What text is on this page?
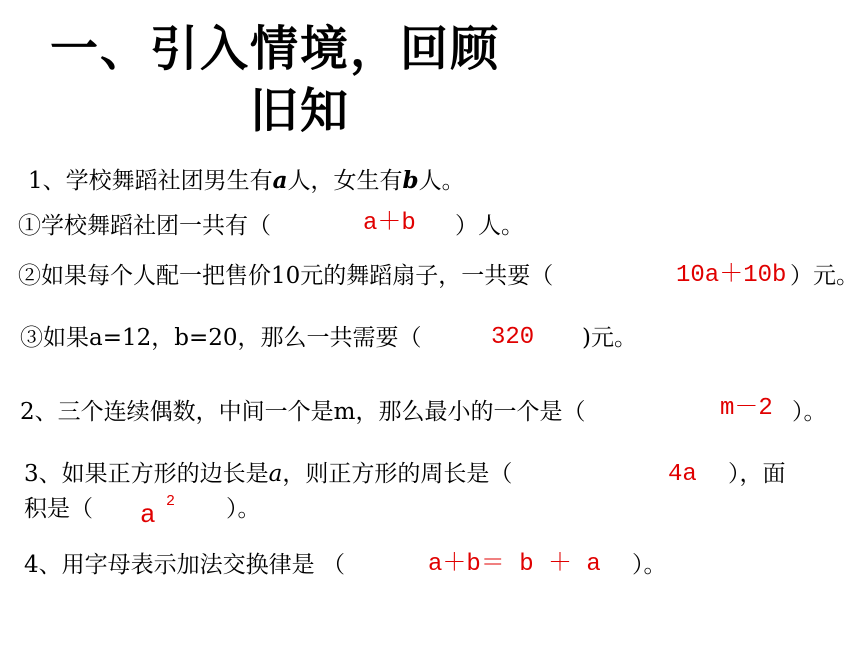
一、引入情境，回顾
旧知
1、学校舞蹈社团男生有a人，女生有b人。
①学校舞蹈社团一共有（	a＋b ）人。
②如果每个人配一把售价10元的舞蹈扇子，一共要（	10a＋10b ）元。
③如果a=12，b=20，那么一共需要（	320 )元。
2、三个连续偶数，中间一个是m，那么最小的一个是（	m－2 ）。
3、如果正方形的边长是a，则正方形的周长是（	4a ），面
积是（ a 2 ）。
4、用字母表示加法交换律是 （	a＋b＝ b ＋ a ）。
